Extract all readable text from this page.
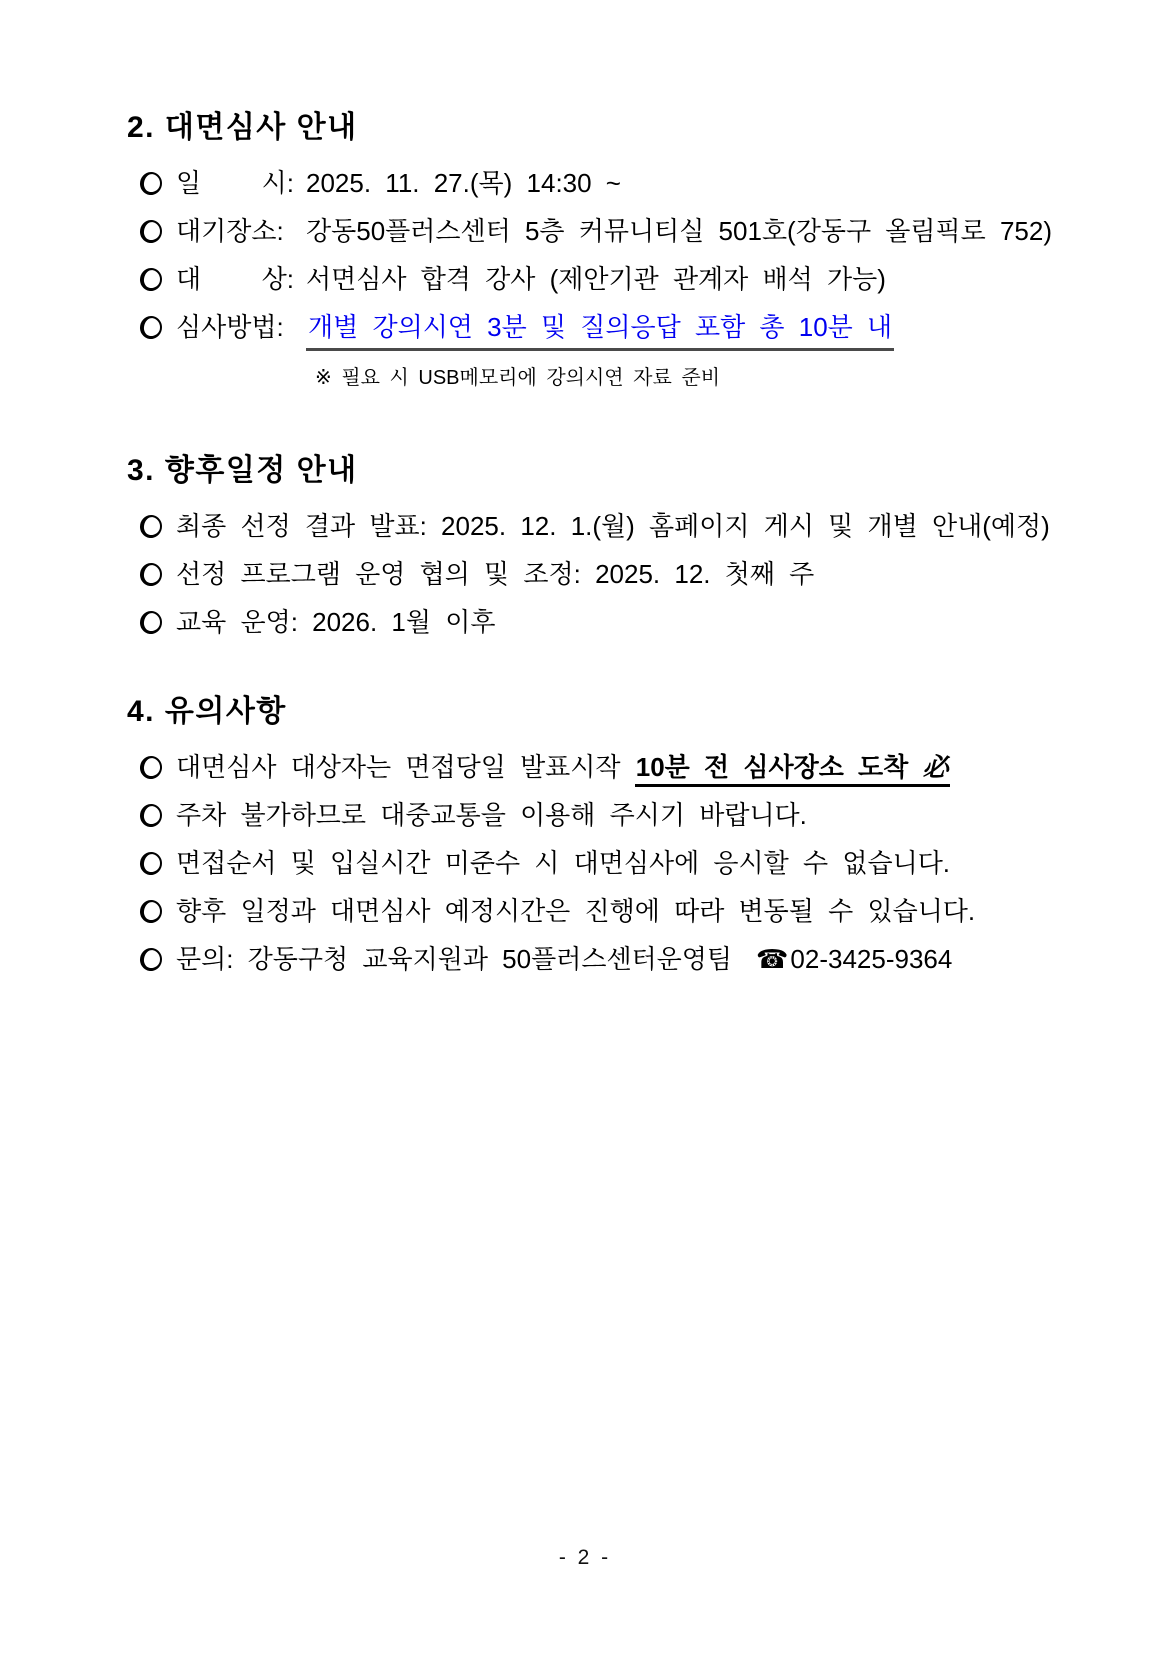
2. 대면심사 안내
일 시: 2025. 11. 27.(목) 14:30 ~
대기장소: 강동50플러스센터 5층 커뮤니티실 501호(강동구 올림픽로 752)
대 상: 서면심사 합격 강사 (제안기관 관계자 배석 가능)
심사방법: 개별 강의시연 3분 및 질의응답 포함 총 10분 내
※ 필요 시 USB메모리에 강의시연 자료 준비
3. 향후일정 안내
최종 선정 결과 발표: 2025. 12. 1.(월) 홈페이지 게시 및 개별 안내(예정)
선정 프로그램 운영 협의 및 조정: 2025. 12. 첫째 주
교육 운영: 2026. 1월 이후
4. 유의사항
대면심사 대상자는 면접당일 발표시작 10분 전 심사장소 도착 必
주차 불가하므로 대중교통을 이용해 주시기 바랍니다.
면접순서 및 입실시간 미준수 시 대면심사에 응시할 수 없습니다.
향후 일정과 대면심사 예정시간은 진행에 따라 변동될 수 있습니다.
문의: 강동구청 교육지원과 50플러스센터운영팀 ☎02-3425-9364
- 2 -
